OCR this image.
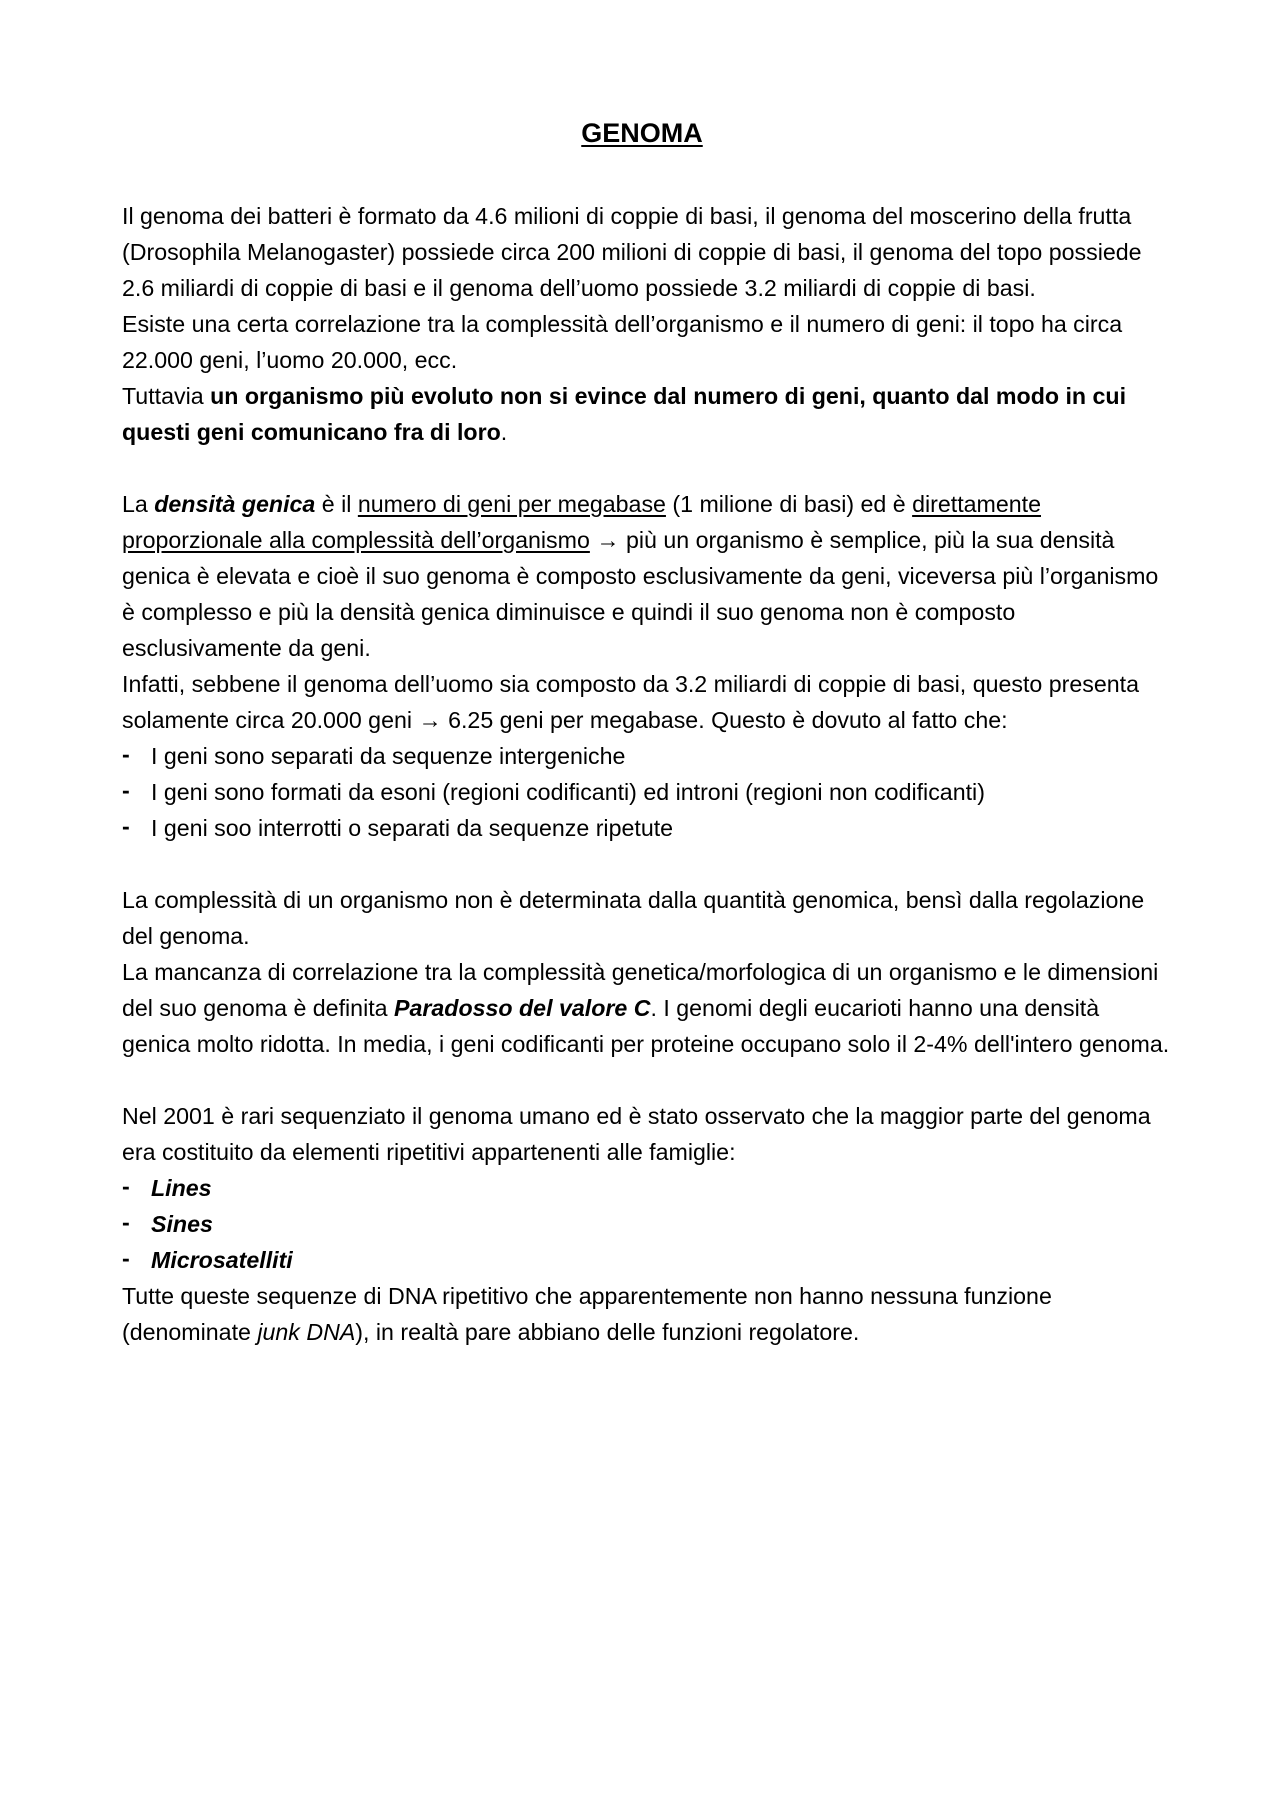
GENOMA

Il genoma dei batteri è formato da 4.6 milioni di coppie di basi, il genoma del moscerino della frutta (Drosophila Melanogaster) possiede circa 200 milioni di coppie di basi, il genoma del topo possiede 2.6 miliardi di coppie di basi e il genoma dell’uomo possiede 3.2 miliardi di coppie di basi.

Esiste una certa correlazione tra la complessità dell’organismo e il numero di geni: il topo ha circa 22.000 geni, l’uomo 20.000, ecc.

Tuttavia un organismo più evoluto non si evince dal numero di geni, quanto dal modo in cui questi geni comunicano fra di loro.

La densità genica è il numero di geni per megabase (1 milione di basi) ed è direttamente proporzionale alla complessità dell’organismo → più un organismo è semplice, più la sua densità genica è elevata e cioè il suo genoma è composto esclusivamente da geni, viceversa più l’organismo è complesso e più la densità genica diminuisce e quindi il suo genoma non è composto esclusivamente da geni.

Infatti, sebbene il genoma dell’uomo sia composto da 3.2 miliardi di coppie di basi, questo presenta solamente circa 20.000 geni → 6.25 geni per megabase. Questo è dovuto al fatto che:

- I geni sono separati da sequenze intergeniche
- I geni sono formati da esoni (regioni codificanti) ed introni (regioni non codificanti)
- I geni soo interrotti o separati da sequenze ripetute

La complessità di un organismo non è determinata dalla quantità genomica, bensì dalla regolazione del genoma.

La mancanza di correlazione tra la complessità genetica/morfologica di un organismo e le dimensioni del suo genoma è definita Paradosso del valore C. I genomi degli eucarioti hanno una densità genica molto ridotta. In media, i geni codificanti per proteine occupano solo il 2-4% dell'intero genoma.

Nel 2001 è rari sequenziato il genoma umano ed è stato osservato che la maggior parte del genoma era costituito da elementi ripetitivi appartenenti alle famiglie:

- Lines
- Sines
- Microsatelliti

Tutte queste sequenze di DNA ripetitivo che apparentemente non hanno nessuna funzione (denominate junk DNA), in realtà pare abbiano delle funzioni regolatore.
